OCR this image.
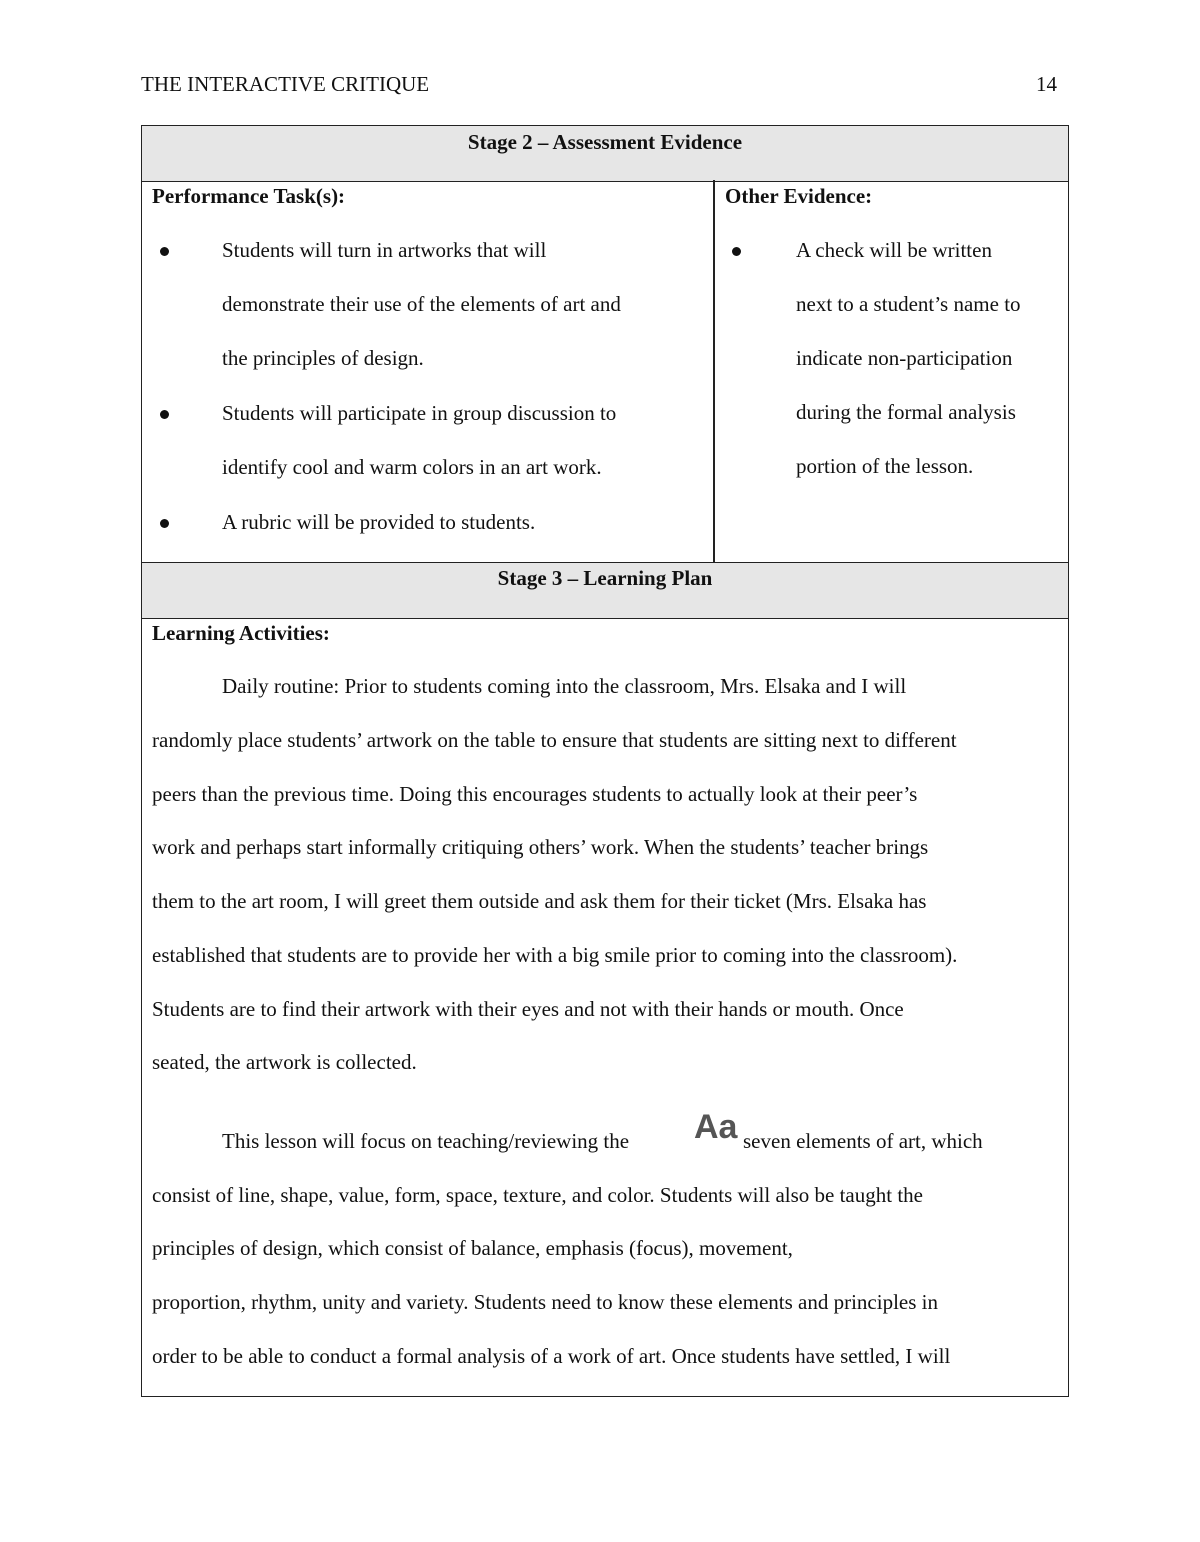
THE INTERACTIVE CRITIQUE	14
Stage 2 – Assessment Evidence
Performance Task(s):	Other Evidence:
Students will turn in artworks that will
demonstrate their use of the elements of art and
the principles of design.
Students will participate in group discussion to
identify cool and warm colors in an art work.
A rubric will be provided to students.
A check will be written
next to a student’s name to
indicate non-participation
during the formal analysis
portion of the lesson.
Stage 3 – Learning Plan
Learning Activities:
Daily routine: Prior to students coming into the classroom, Mrs. Elsaka and I will
randomly place students’ artwork on the table to ensure that students are sitting next to different
peers than the previous time. Doing this encourages students to actually look at their peer’s
work and perhaps start informally critiquing others’ work. When the students’ teacher brings
them to the art room, I will greet them outside and ask them for their ticket (Mrs. Elsaka has
established that students are to provide her with a big smile prior to coming into the classroom).
Students are to find their artwork with their eyes and not with their hands or mouth. Once
seated, the artwork is collected.
This lesson will focus on teaching/reviewing the Aa seven elements of art, which
consist of line, shape, value, form, space, texture, and color. Students will also be taught the
principles of design, which consist of balance, emphasis (focus), movement,
proportion, rhythm, unity and variety. Students need to know these elements and principles in
order to be able to conduct a formal analysis of a work of art. Once students have settled, I will
